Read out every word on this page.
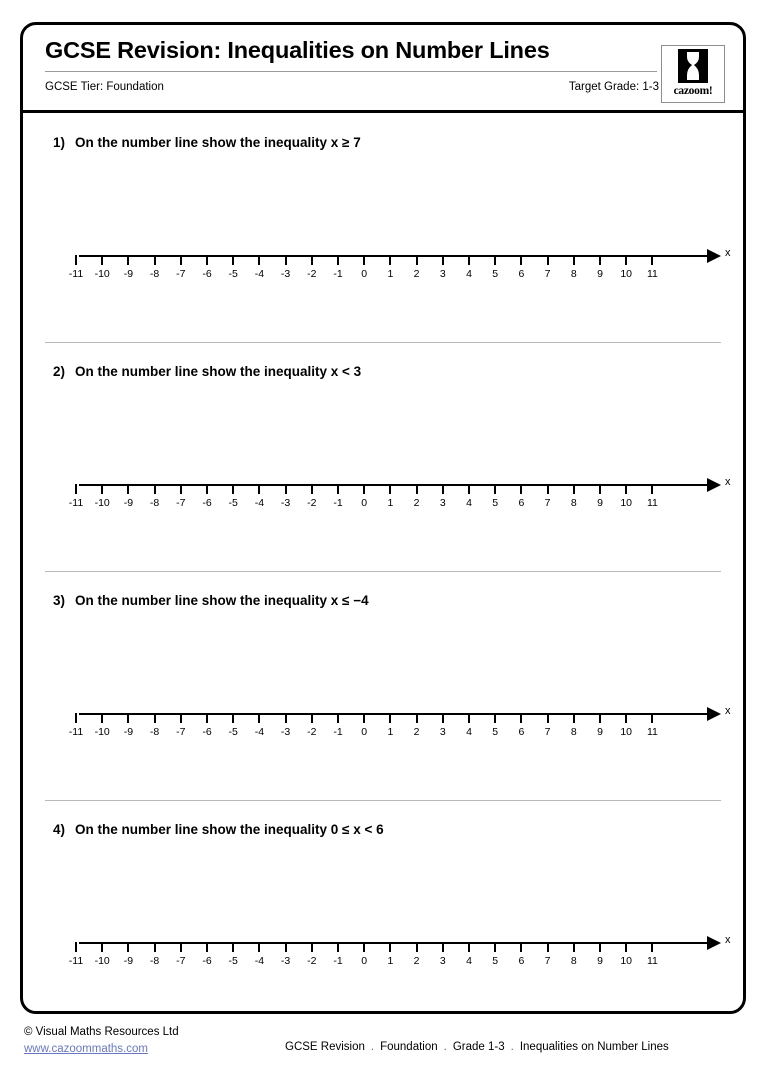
GCSE Revision: Inequalities on Number Lines
GCSE Tier: Foundation	Target Grade: 1-3 cazoom!
1) On the number line show the inequality x ≥ 7
x
-11	-10	-9	-8	-7	-6	-5	-4	-3	-2	-1	0	1	2	3	4	5	6	7	8	9	10	11
2) On the number line show the inequality x < 3
x
-11	-10	-9	-8	-7	-6	-5	-4	-3	-2	-1	0	1	2	3	4	5	6	7	8	9	10	11
3) On the number line show the inequality x ≤ −4
x
-11	-10	-9	-8	-7	-6	-5	-4	-3	-2	-1	0	1	2	3	4	5	6	7	8	9	10	11
4) On the number line show the inequality 0 ≤ x < 6
x
-11	-10	-9	-8	-7	-6	-5	-4	-3	-2	-1	0	1	2	3	4	5	6	7	8	9	10	11
© Visual Maths Resources Ltd
www.cazoommaths.com	GCSE Revision . Foundation . Grade 1-3 . Inequalities on Number Lines
